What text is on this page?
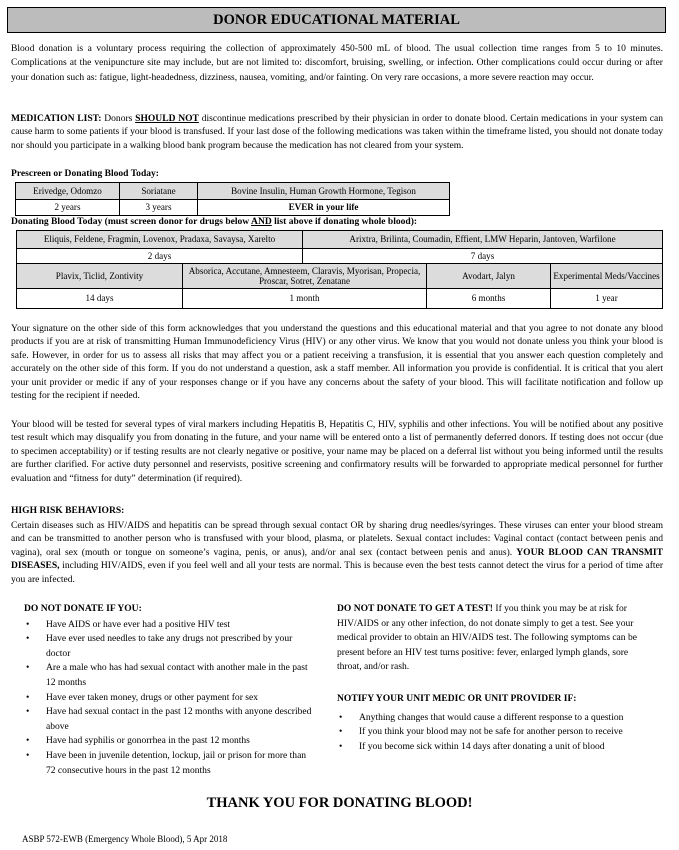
DONOR EDUCATIONAL MATERIAL
Blood donation is a voluntary process requiring the collection of approximately 450-500 mL of blood. The usual collection time ranges from 5 to 10 minutes. Complications at the venipuncture site may include, but are not limited to: discomfort, bruising, swelling, or infection. Other complications could occur during or after your donation such as: fatigue, light-headedness, dizziness, nausea, vomiting, and/or fainting. On very rare occasions, a more severe reaction may occur.
MEDICATION LIST: Donors SHOULD NOT discontinue medications prescribed by their physician in order to donate blood. Certain medications in your system can cause harm to some patients if your blood is transfused. If your last dose of the following medications was taken within the timeframe listed, you should not donate today nor should you participate in a walking blood bank program because the medication has not cleared from your system.
Prescreen or Donating Blood Today:
Erivedge, Odomzo	Soriatane	Bovine Insulin, Human Growth Hormone, Tegison
2 years	3 years	EVER in your life
Donating Blood Today (must screen donor for drugs below AND list above if donating whole blood):
Eliquis, Feldene, Fragmin, Lovenox, Pradaxa, Savaysa, Xarelto	Arixtra, Brilinta, Coumadin, Effient, LMW Heparin, Jantoven, Warfilone
2 days	7 days
Plavix, Ticlid, Zontivity	Absorica, Accutane, Amnesteem, Claravis, Myorisan, Propecia, Proscar, Sotret, Zenatane	Avodart, Jalyn	Experimental Meds/Vaccines
14 days	1 month	6 months	1 year
Your signature on the other side of this form acknowledges that you understand the questions and this educational material and that you agree to not donate any blood products if you are at risk of transmitting Human Immunodeficiency Virus (HIV) or any other virus. We know that you would not donate unless you think your blood is safe. However, in order for us to assess all risks that may affect you or a patient receiving a transfusion, it is essential that you answer each question completely and accurately on the other side of this form. If you do not understand a question, ask a staff member. All information you provide is confidential. It is critical that you alert your unit provider or medic if any of your responses change or if you have any concerns about the safety of your blood. This will facilitate notification and follow up testing for the recipient if needed.
Your blood will be tested for several types of viral markers including Hepatitis B, Hepatitis C, HIV, syphilis and other infections. You will be notified about any positive test result which may disqualify you from donating in the future, and your name will be entered onto a list of permanently deferred donors. If testing does not occur (due to specimen acceptability) or if testing results are not clearly negative or positive, your name may be placed on a deferral list without you being informed until the results are further clarified. For active duty personnel and reservists, positive screening and confirmatory results will be forwarded to appropriate medical personnel for further evaluation and “fitness for duty” determination (if required).
HIGH RISK BEHAVIORS:
Certain diseases such as HIV/AIDS and hepatitis can be spread through sexual contact OR by sharing drug needles/syringes. These viruses can enter your blood stream and can be transmitted to another person who is transfused with your blood, plasma, or platelets. Sexual contact includes: Vaginal contact (contact between penis and vagina), oral sex (mouth or tongue on someone’s vagina, penis, or anus), and/or anal sex (contact between penis and anus). YOUR BLOOD CAN TRANSMIT DISEASES, including HIV/AIDS, even if you feel well and all your tests are normal. This is because even the best tests cannot detect the virus for a period of time after you are infected.
DO NOT DONATE IF YOU:
• Have AIDS or have ever had a positive HIV test
• Have ever used needles to take any drugs not prescribed by your doctor
• Are a male who has had sexual contact with another male in the past 12 months
• Have ever taken money, drugs or other payment for sex
• Have had sexual contact in the past 12 months with anyone described above
• Have had syphilis or gonorrhea in the past 12 months
• Have been in juvenile detention, lockup, jail or prison for more than 72 consecutive hours in the past 12 months
DO NOT DONATE TO GET A TEST! If you think you may be at risk for HIV/AIDS or any other infection, do not donate simply to get a test. See your medical provider to obtain an HIV/AIDS test. The following symptoms can be present before an HIV test turns positive: fever, enlarged lymph glands, sore throat, and/or rash.
NOTIFY YOUR UNIT MEDIC OR UNIT PROVIDER IF:
• Anything changes that would cause a different response to a question
• If you think your blood may not be safe for another person to receive
• If you become sick within 14 days after donating a unit of blood
THANK YOU FOR DONATING BLOOD!
ASBP 572-EWB (Emergency Whole Blood), 5 Apr 2018
